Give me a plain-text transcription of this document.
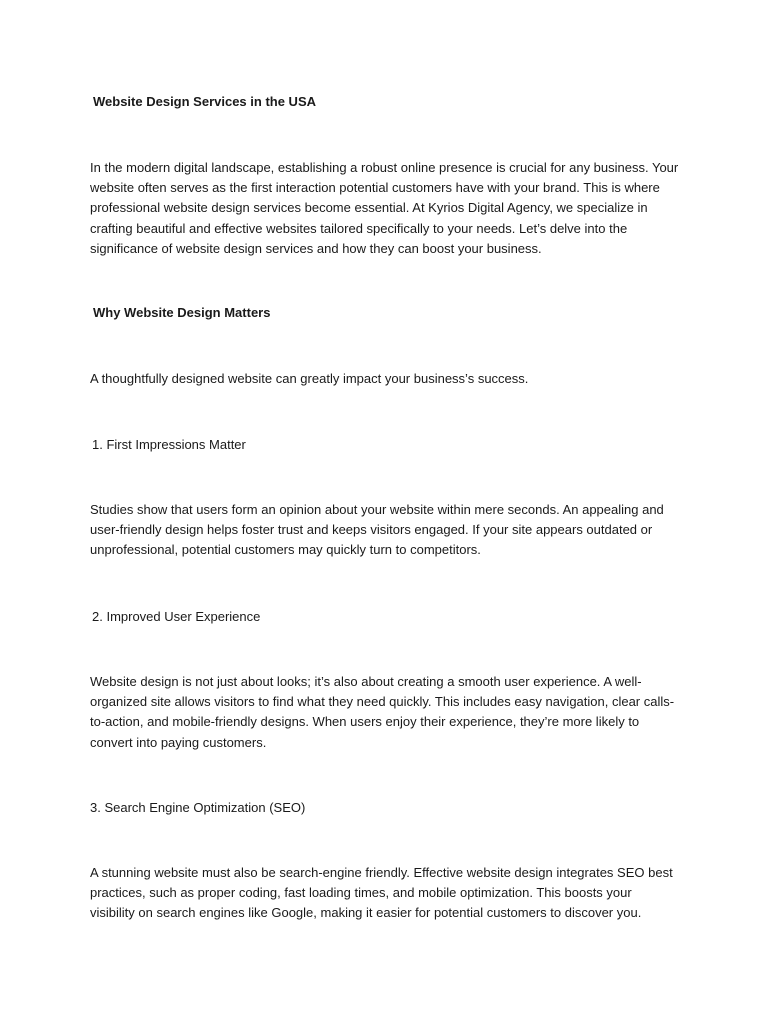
Website Design Services in the USA

In the modern digital landscape, establishing a robust online presence is crucial for any business. Your website often serves as the first interaction potential customers have with your brand. This is where professional website design services become essential. At Kyrios Digital Agency, we specialize in crafting beautiful and effective websites tailored specifically to your needs. Let’s delve into the significance of website design services and how they can boost your business.

Why Website Design Matters

A thoughtfully designed website can greatly impact your business’s success.

1. First Impressions Matter

Studies show that users form an opinion about your website within mere seconds. An appealing and user-friendly design helps foster trust and keeps visitors engaged. If your site appears outdated or unprofessional, potential customers may quickly turn to competitors.

2. Improved User Experience

Website design is not just about looks; it’s also about creating a smooth user experience. A well-organized site allows visitors to find what they need quickly. This includes easy navigation, clear calls-to-action, and mobile-friendly designs. When users enjoy their experience, they’re more likely to convert into paying customers.

3. Search Engine Optimization (SEO)

A stunning website must also be search-engine friendly. Effective website design integrates SEO best practices, such as proper coding, fast loading times, and mobile optimization. This boosts your visibility on search engines like Google, making it easier for potential customers to discover you.
